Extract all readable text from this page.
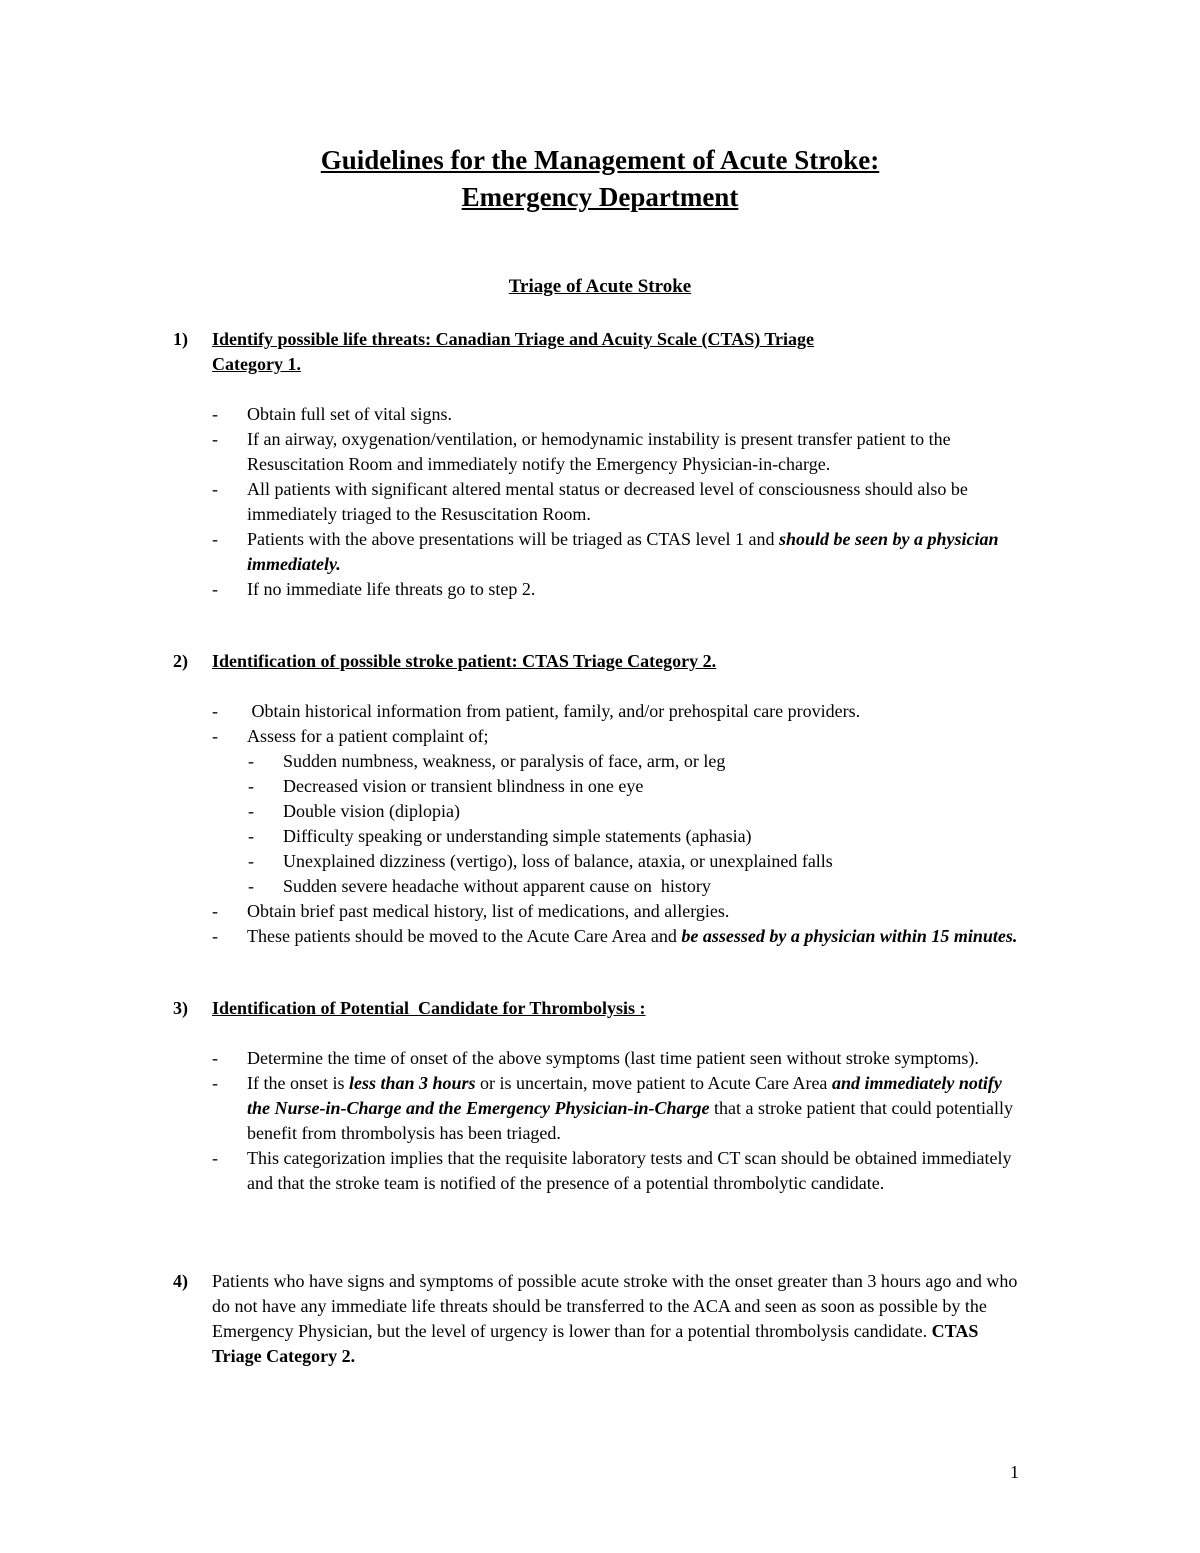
Guidelines for the Management of Acute Stroke:
Emergency Department
Triage of Acute Stroke
1)	Identify possible life threats: Canadian Triage and Acuity Scale (CTAS) Triage
Category 1.
-	Obtain full set of vital signs.
-	If an airway, oxygenation/ventilation, or hemodynamic instability is present transfer patient to the Resuscitation Room and immediately notify the Emergency Physician-in-charge.
-	All patients with significant altered mental status or decreased level of consciousness should also be immediately triaged to the Resuscitation Room.
-	Patients with the above presentations will be triaged as CTAS level 1 and should be seen by a physician immediately.
-	If no immediate life threats go to step 2.
2)	Identification of possible stroke patient: CTAS Triage Category 2.
-	Obtain historical information from patient, family, and/or prehospital care providers.
-	Assess for a patient complaint of;
-	Sudden numbness, weakness, or paralysis of face, arm, or leg
-	Decreased vision or transient blindness in one eye
-	Double vision (diplopia)
-	Difficulty speaking or understanding simple statements (aphasia)
-	Unexplained dizziness (vertigo), loss of balance, ataxia, or unexplained falls
-	Sudden severe headache without apparent cause on  history
-	Obtain brief past medical history, list of medications, and allergies.
-	These patients should be moved to the Acute Care Area and be assessed by a physician within 15 minutes.
3)	Identification of Potential  Candidate for Thrombolysis :
-	Determine the time of onset of the above symptoms (last time patient seen without stroke symptoms).
-	If the onset is less than 3 hours or is uncertain, move patient to Acute Care Area and immediately notify the Nurse-in-Charge and the Emergency Physician-in-Charge that a stroke patient that could potentially benefit from thrombolysis has been triaged.
-	This categorization implies that the requisite laboratory tests and CT scan should be obtained immediately and that the stroke team is notified of the presence of a potential thrombolytic candidate.
4)	Patients who have signs and symptoms of possible acute stroke with the onset greater than 3 hours ago and who do not have any immediate life threats should be transferred to the ACA and seen as soon as possible by the Emergency Physician, but the level of urgency is lower than for a potential thrombolysis candidate. CTAS Triage Category 2.
1
